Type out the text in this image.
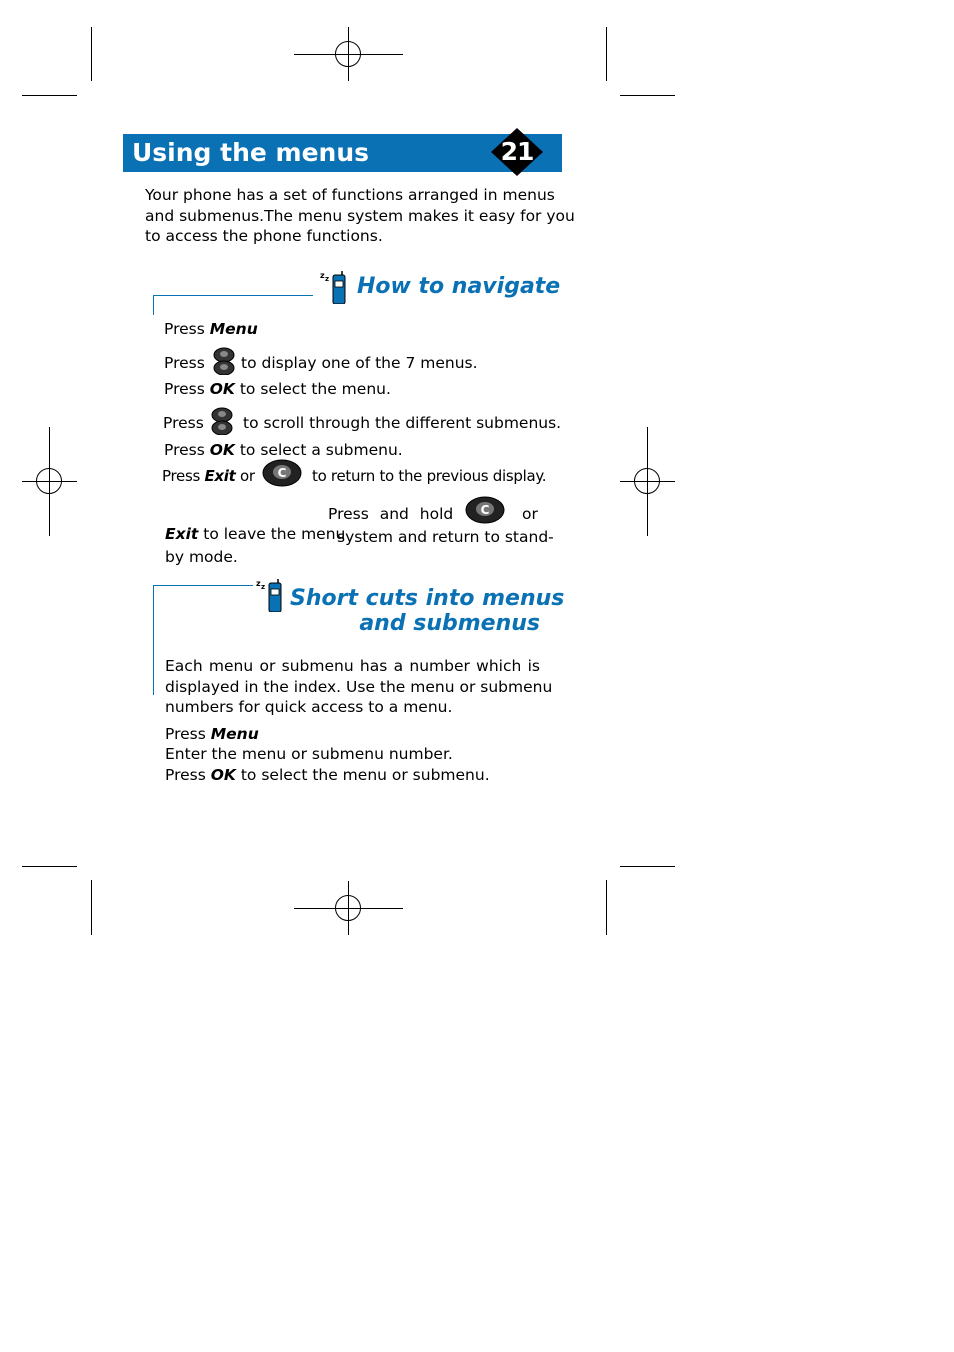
Using the menus	21
Your phone has a set of functions arranged in menus
and submenus.The menu system makes it easy for you
to access the phone functions.
z z How to navigate
Press Menu
Press to display one of the 7 menus.
Press OK to select the menu.
Press	to scroll through the different submenus.
Press OK to select a submenu.
Press Exit or C to return to the previous display.
Press and hold C or
Exit to leave the menu
system and return to stand-
by mode.
z z Short cuts into menus
and submenus
Each menu or submenu has a number which is
displayed in the index. Use the menu or submenu
numbers for quick access to a menu.
Press Menu
Enter the menu or submenu number.
Press OK to select the menu or submenu.
